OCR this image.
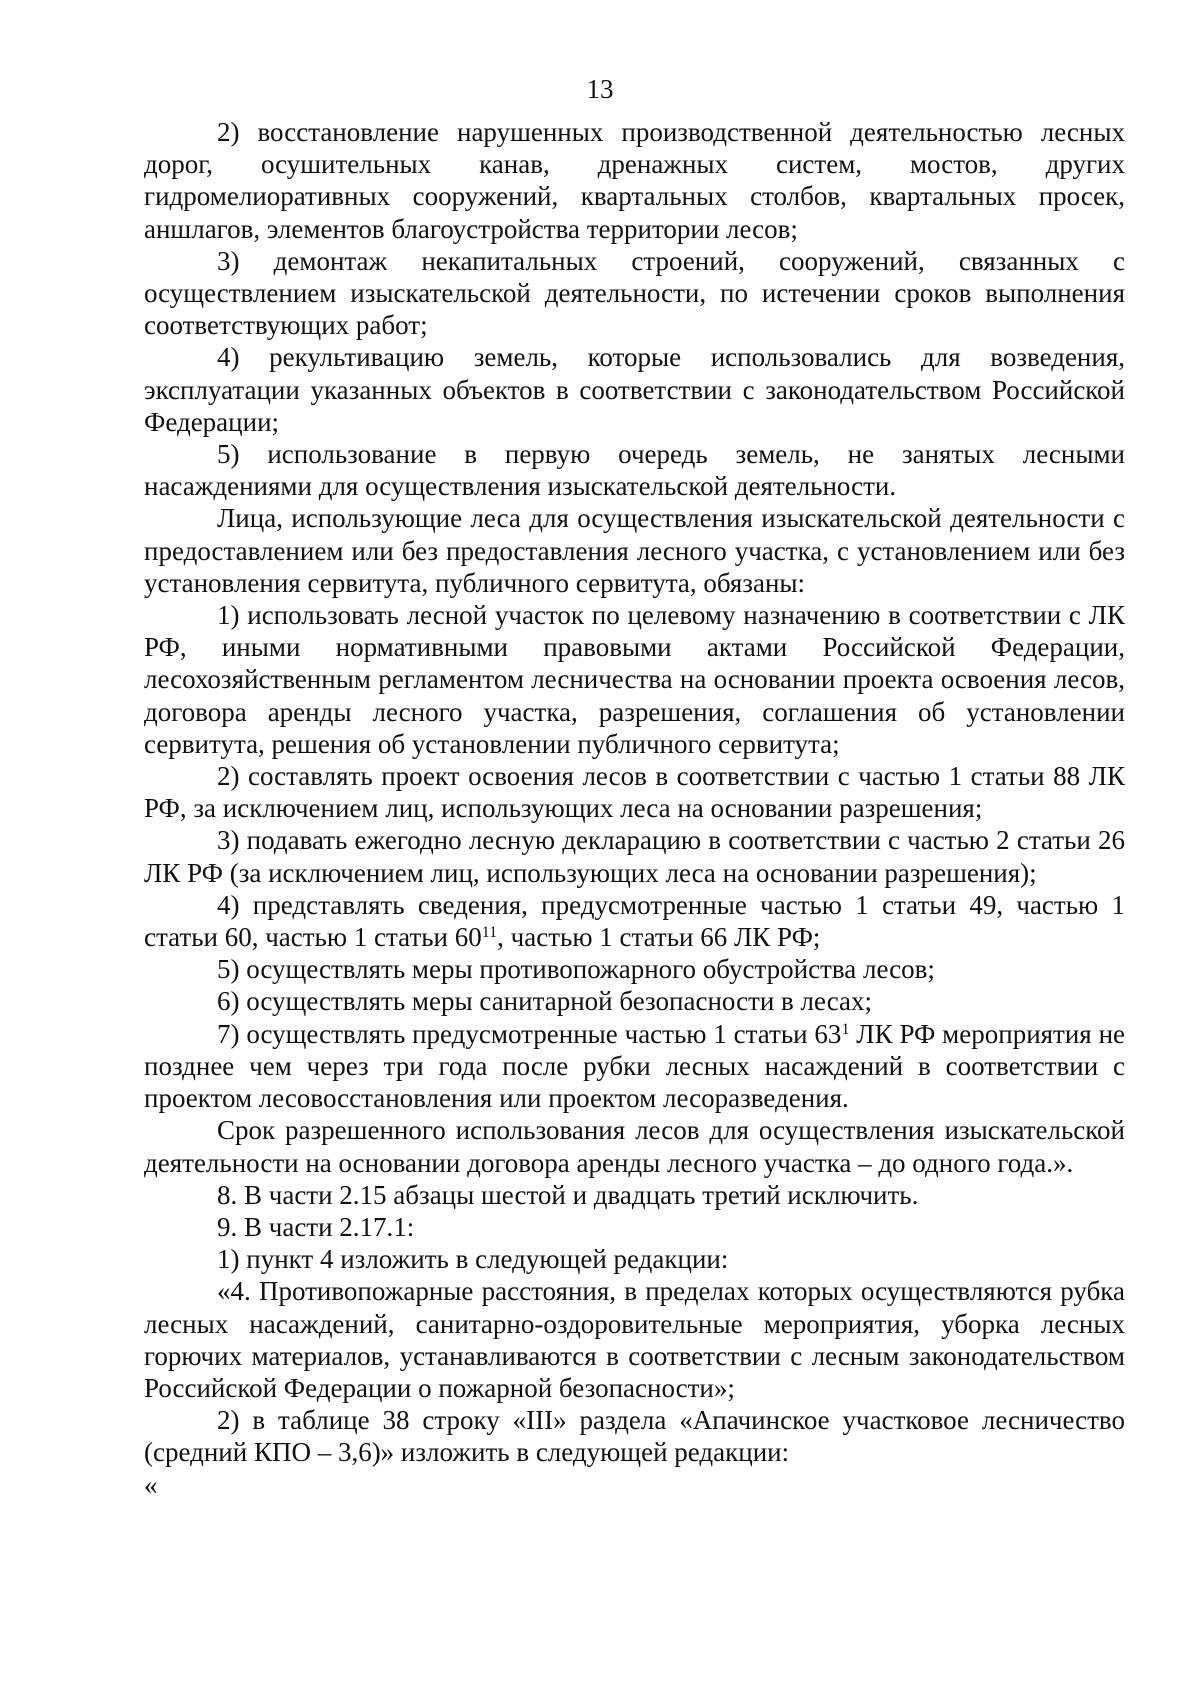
13

2) восстановление нарушенных производственной деятельностью лесных дорог, осушительных канав, дренажных систем, мостов, других гидромелиоративных сооружений, квартальных столбов, квартальных просек, аншлагов, элементов благоустройства территории лесов;

3) демонтаж некапитальных строений, сооружений, связанных с осуществлением изыскательской деятельности, по истечении сроков выполнения соответствующих работ;

4) рекультивацию земель, которые использовались для возведения, эксплуатации указанных объектов в соответствии с законодательством Российской Федерации;

5) использование в первую очередь земель, не занятых лесными насаждениями для осуществления изыскательской деятельности.

Лица, использующие леса для осуществления изыскательской деятельности с предоставлением или без предоставления лесного участка, с установлением или без установления сервитута, публичного сервитута, обязаны:

1) использовать лесной участок по целевому назначению в соответствии с ЛК РФ, иными нормативными правовыми актами Российской Федерации, лесохозяйственным регламентом лесничества на основании проекта освоения лесов, договора аренды лесного участка, разрешения, соглашения об установлении сервитута, решения об установлении публичного сервитута;

2) составлять проект освоения лесов в соответствии с частью 1 статьи 88 ЛК РФ, за исключением лиц, использующих леса на основании разрешения;

3) подавать ежегодно лесную декларацию в соответствии с частью 2 статьи 26 ЛК РФ (за исключением лиц, использующих леса на основании разрешения);

4) представлять сведения, предусмотренные частью 1 статьи 49, частью 1 статьи 60, частью 1 статьи $60^{11}$, частью 1 статьи 66 ЛК РФ;

5) осуществлять меры противопожарного обустройства лесов;

6) осуществлять меры санитарной безопасности в лесах;

7) осуществлять предусмотренные частью 1 статьи $63^1$ ЛК РФ мероприятия не позднее чем через три года после рубки лесных насаждений в соответствии с проектом лесовосстановления или проектом лесоразведения.

Срок разрешенного использования лесов для осуществления изыскательской деятельности на основании договора аренды лесного участка – до одного года.».

8. В части 2.15 абзацы шестой и двадцать третий исключить.

9. В части 2.17.1:

1) пункт 4 изложить в следующей редакции:

«4. Противопожарные расстояния, в пределах которых осуществляются рубка лесных насаждений, санитарно-оздоровительные мероприятия, уборка лесных горючих материалов, устанавливаются в соответствии с лесным законодательством Российской Федерации о пожарной безопасности»;

2) в таблице 38 строку «III» раздела «Апачинское участковое лесничество (средний КПО – 3,6)» изложить в следующей редакции:

«
